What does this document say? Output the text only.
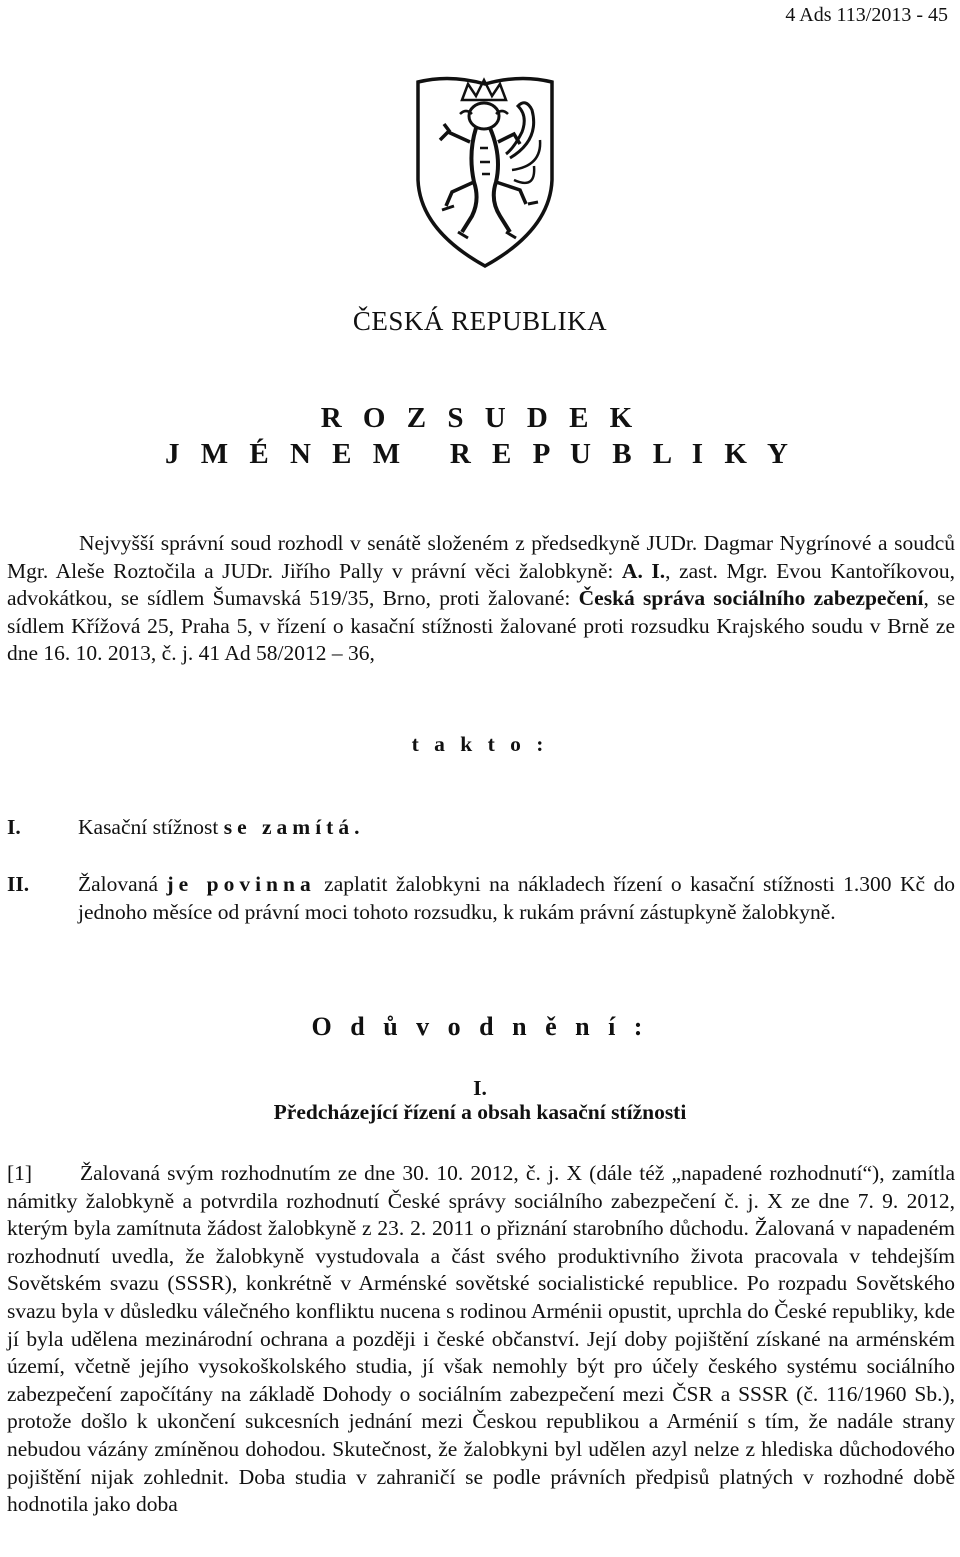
4 Ads 113/2013 - 45
ČESKÁ REPUBLIKA
R O Z S U D E K
J M É N E M   R E P U B L I K Y
Nejvyšší správní soud rozhodl v senátě složeném z předsedkyně JUDr. Dagmar Nygrínové a soudců Mgr. Aleše Roztočila a JUDr. Jiřího Pally v právní věci žalobkyně: A. I., zast. Mgr. Evou Kantoříkovou, advokátkou, se sídlem Šumavská 519/35, Brno, proti žalované: Česká správa sociálního zabezpečení, se sídlem Křížová 25, Praha 5, v řízení o kasační stížnosti žalované proti rozsudku Krajského soudu v Brně ze dne 16. 10. 2013, č. j. 41 Ad 58/2012 – 36,
t a k t o :
I.	Kasační stížnost se zamítá.
II. Žalovaná je povinna zaplatit žalobkyni na nákladech řízení o kasační stížnosti 1.300 Kč do jednoho měsíce od právní moci tohoto rozsudku, k rukám právní zástupkyně žalobkyně.
O d ů v o d n ě n í :
I.
Předcházející řízení a obsah kasační stížnosti
[1] Žalovaná svým rozhodnutím ze dne 30. 10. 2012, č. j. X (dále též „napadené rozhodnutí“), zamítla námitky žalobkyně a potvrdila rozhodnutí České správy sociálního zabezpečení č. j. X ze dne 7. 9. 2012, kterým byla zamítnuta žádost žalobkyně z 23. 2. 2011 o přiznání starobního důchodu. Žalovaná v napadeném rozhodnutí uvedla, že žalobkyně vystudovala a část svého produktivního života pracovala v tehdejším Sovětském svazu (SSSR), konkrétně v Arménské sovětské socialistické republice. Po rozpadu Sovětského svazu byla v důsledku válečného konfliktu nucena s rodinou Arménii opustit, uprchla do České republiky, kde jí byla udělena mezinárodní ochrana a později i české občanství. Její doby pojištění získané na arménském území, včetně jejího vysokoškolského studia, jí však nemohly být pro účely českého systému sociálního zabezpečení započítány na základě Dohody o sociálním zabezpečení mezi ČSR a SSSR (č. 116/1960 Sb.), protože došlo k ukončení sukcesních jednání mezi Českou republikou a Arménií s tím, že nadále strany nebudou vázány zmíněnou dohodou. Skutečnost, že žalobkyni byl udělen azyl nelze z hlediska důchodového pojištění nijak zohlednit. Doba studia v zahraničí se podle právních předpisů platných v rozhodné době hodnotila jako doba
